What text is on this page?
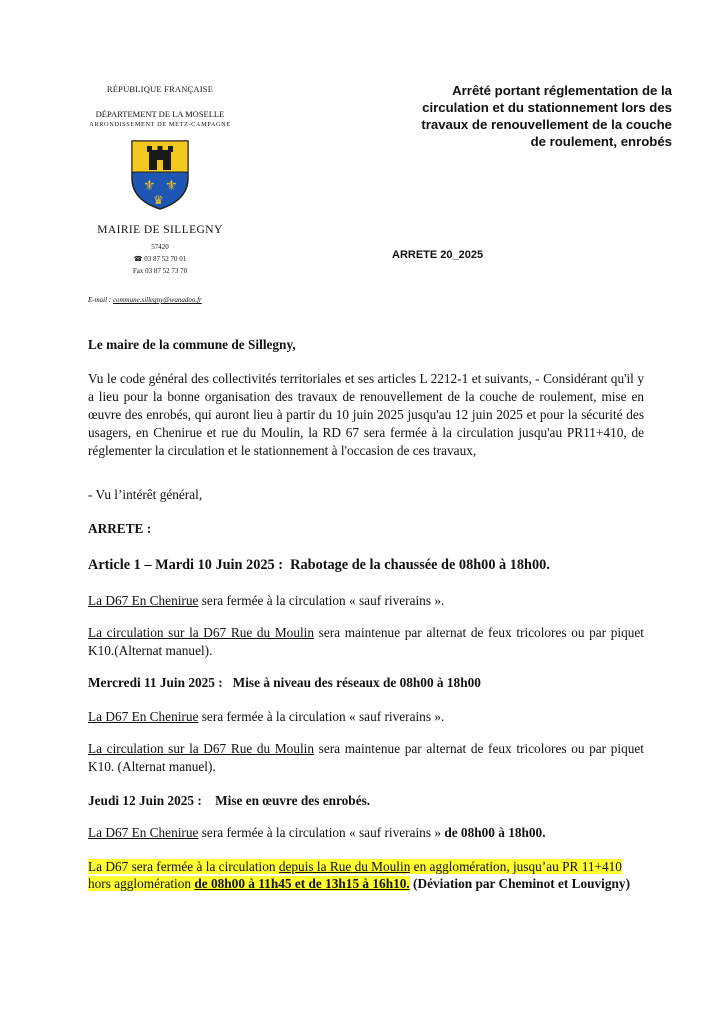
RÉPUBLIQUE FRANÇAISE
DÉPARTEMENT DE LA MOSELLE
ARRONDISSEMENT DE METZ-CAMPAGNE
⚜ ⚜
♛
MAIRIE DE SILLEGNY
57420
☎ 03 87 52 70 01
Fax 03 87 52 73 70
E-mail : commune.sillegny@wanadoo.fr
Arrêté portant réglementation de la
circulation et du stationnement lors des
travaux de renouvellement de la couche
de roulement, enrobés
ARRETE 20_2025
Le maire de la commune de Sillegny,
Vu le code général des collectivités territoriales et ses articles L 2212-1 et suivants, - Considérant qu'il y a lieu pour la bonne organisation des travaux de renouvellement de la couche de roulement, mise en œuvre des enrobés, qui auront lieu à partir du 10 juin 2025 jusqu'au 12 juin 2025 et pour la sécurité des usagers, en Chenirue et rue du Moulin, la RD 67 sera fermée à la circulation jusqu'au PR11+410, de réglementer la circulation et le stationnement à l'occasion de ces travaux,
- Vu l’intérêt général,
ARRETE :
Article 1 – Mardi 10 Juin 2025 : Rabotage de la chaussée de 08h00 à 18h00.
La D67 En Chenirue sera fermée à la circulation « sauf riverains ».
La circulation sur la D67 Rue du Moulin sera maintenue par alternat de feux tricolores ou par piquet K10.(Alternat manuel).
Mercredi 11 Juin 2025 : Mise à niveau des réseaux de 08h00 à 18h00
La D67 En Chenirue sera fermée à la circulation « sauf riverains ».
La circulation sur la D67 Rue du Moulin sera maintenue par alternat de feux tricolores ou par piquet K10. (Alternat manuel).
Jeudi 12 Juin 2025 : Mise en œuvre des enrobés.
La D67 En Chenirue sera fermée à la circulation « sauf riverains » de 08h00 à 18h00.
La D67 sera fermée à la circulation depuis la Rue du Moulin en agglomération, jusqu’au PR 11+410 hors agglomération de 08h00 à 11h45 et de 13h15 à 16h10. (Déviation par Cheminot et Louvigny)
